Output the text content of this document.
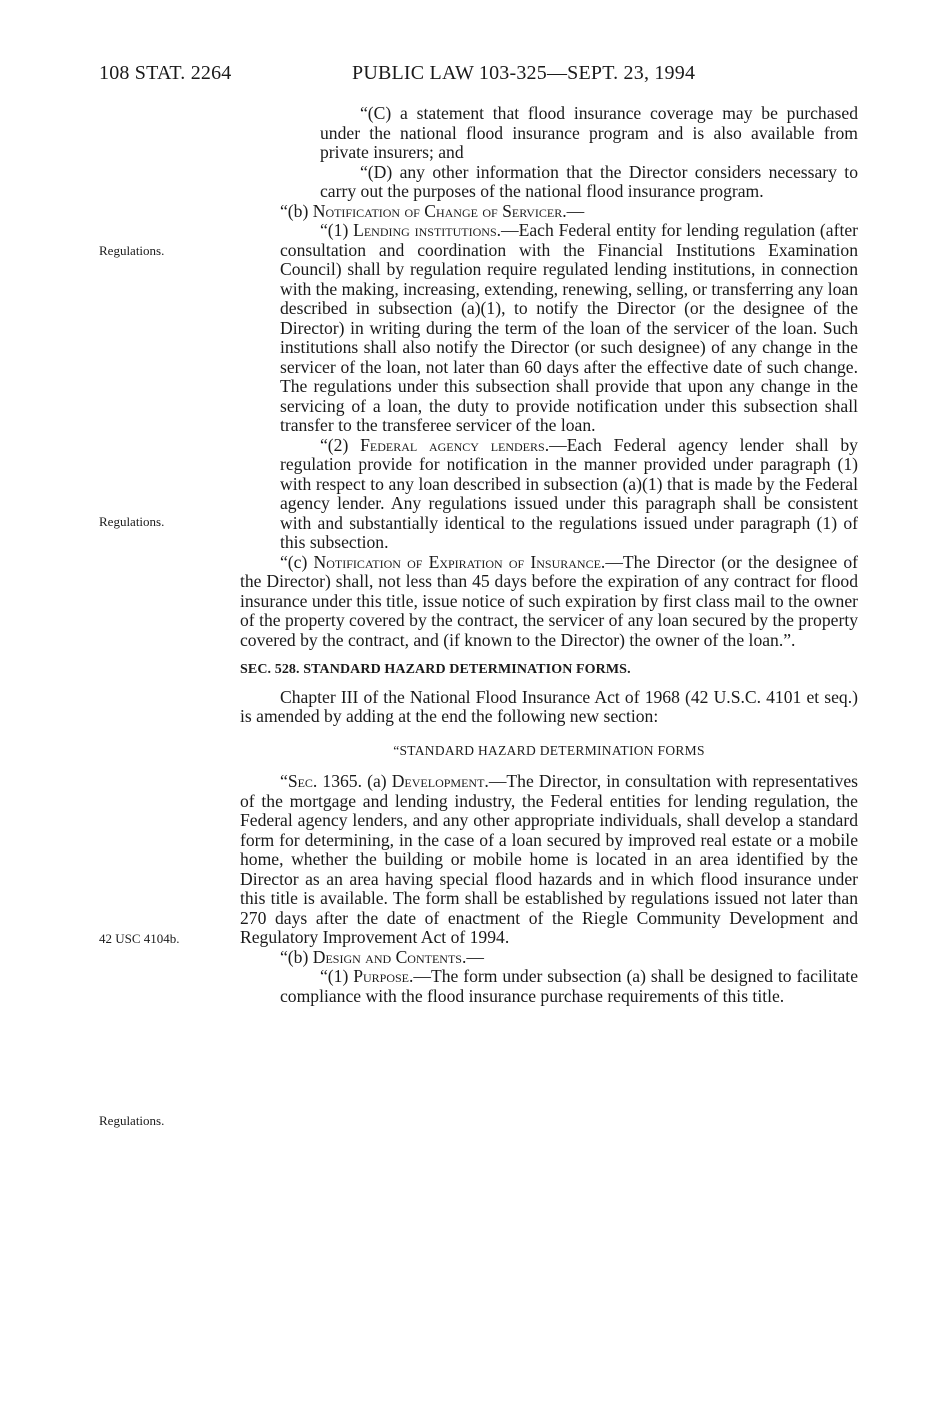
108 STAT. 2264	PUBLIC LAW 103-325—SEPT. 23, 1994
Regulations.
Regulations.
42 USC 4104b.
Regulations.

“(C) a statement that flood insurance coverage may be purchased under the national flood insurance program and is also available from private insurers; and

“(D) any other information that the Director considers necessary to carry out the purposes of the national flood insurance program.

“(b) Notification of Change of Servicer.—

“(1) Lending institutions.—Each Federal entity for lending regulation (after consultation and coordination with the Financial Institutions Examination Council) shall by regulation require regulated lending institutions, in connection with the making, increasing, extending, renewing, selling, or transferring any loan described in subsection (a)(1), to notify the Director (or the designee of the Director) in writing during the term of the loan of the servicer of the loan. Such institutions shall also notify the Director (or such designee) of any change in the servicer of the loan, not later than 60 days after the effective date of such change. The regulations under this subsection shall provide that upon any change in the servicing of a loan, the duty to provide notification under this subsection shall transfer to the transferee servicer of the loan.

“(2) Federal agency lenders.—Each Federal agency lender shall by regulation provide for notification in the manner provided under paragraph (1) with respect to any loan described in subsection (a)(1) that is made by the Federal agency lender. Any regulations issued under this paragraph shall be consistent with and substantially identical to the regulations issued under paragraph (1) of this subsection.

“(c) Notification of Expiration of Insurance.—The Director (or the designee of the Director) shall, not less than 45 days before the expiration of any contract for flood insurance under this title, issue notice of such expiration by first class mail to the owner of the property covered by the contract, the servicer of any loan secured by the property covered by the contract, and (if known to the Director) the owner of the loan.”.

SEC. 528. STANDARD HAZARD DETERMINATION FORMS.

Chapter III of the National Flood Insurance Act of 1968 (42 U.S.C. 4101 et seq.) is amended by adding at the end the following new section:

“STANDARD HAZARD DETERMINATION FORMS

“Sec. 1365. (a) Development.—The Director, in consultation with representatives of the mortgage and lending industry, the Federal entities for lending regulation, the Federal agency lenders, and any other appropriate individuals, shall develop a standard form for determining, in the case of a loan secured by improved real estate or a mobile home, whether the building or mobile home is located in an area identified by the Director as an area having special flood hazards and in which flood insurance under this title is available. The form shall be established by regulations issued not later than 270 days after the date of enactment of the Riegle Community Development and Regulatory Improvement Act of 1994.

“(b) Design and Contents.—

“(1) Purpose.—The form under subsection (a) shall be designed to facilitate compliance with the flood insurance purchase requirements of this title.
